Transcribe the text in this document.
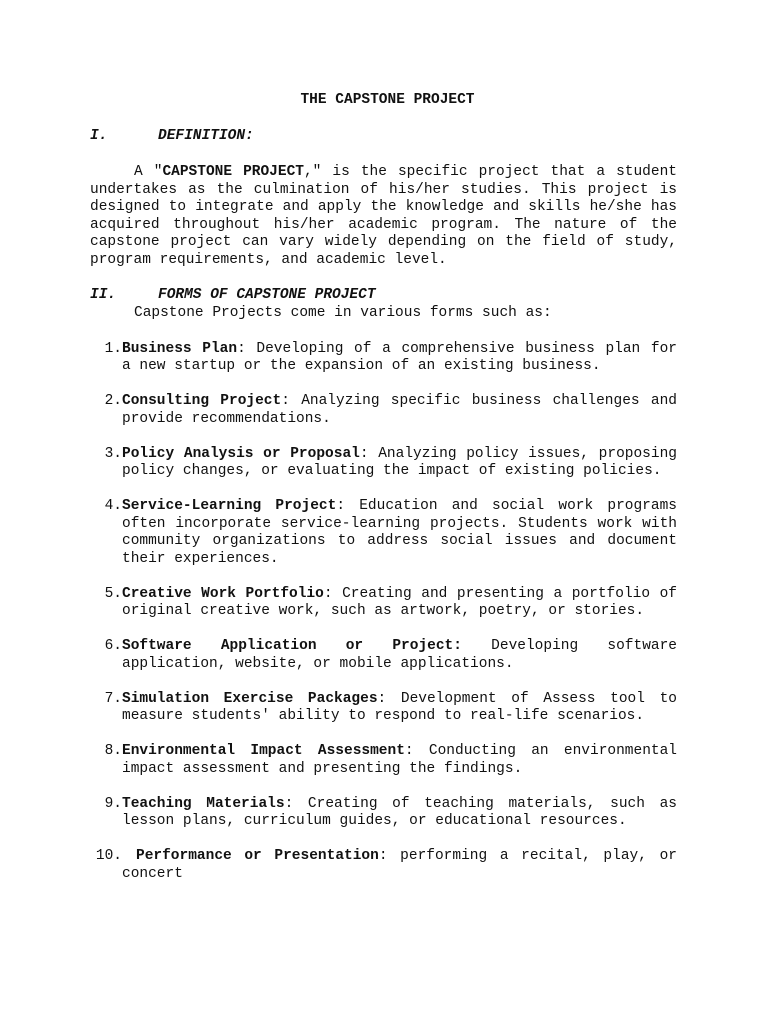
THE CAPSTONE PROJECT
I.	DEFINITION:
A "CAPSTONE PROJECT," is the specific project that a student undertakes as the culmination of his/her studies. This project is designed to integrate and apply the knowledge and skills he/she has acquired throughout his/her academic program. The nature of the capstone project can vary widely depending on the field of study, program requirements, and academic level.
II.	FORMS OF CAPSTONE PROJECT
Capstone Projects come in various forms such as:
1. Business Plan: Developing of a comprehensive business plan for a new startup or the expansion of an existing business.
2. Consulting Project: Analyzing specific business challenges and provide recommendations.
3. Policy Analysis or Proposal: Analyzing policy issues, proposing policy changes, or evaluating the impact of existing policies.
4. Service-Learning Project: Education and social work programs often incorporate service-learning projects. Students work with community organizations to address social issues and document their experiences.
5. Creative Work Portfolio: Creating and presenting a portfolio of original creative work, such as artwork, poetry, or stories.
6. Software Application or Project: Developing software application, website, or mobile applications.
7. Simulation Exercise Packages: Development of Assess tool to measure students' ability to respond to real-life scenarios.
8. Environmental Impact Assessment: Conducting an environmental impact assessment and presenting the findings.
9. Teaching Materials: Creating of teaching materials, such as lesson plans, curriculum guides, or educational resources.
10. Performance or Presentation: performing a recital, play, or concert
